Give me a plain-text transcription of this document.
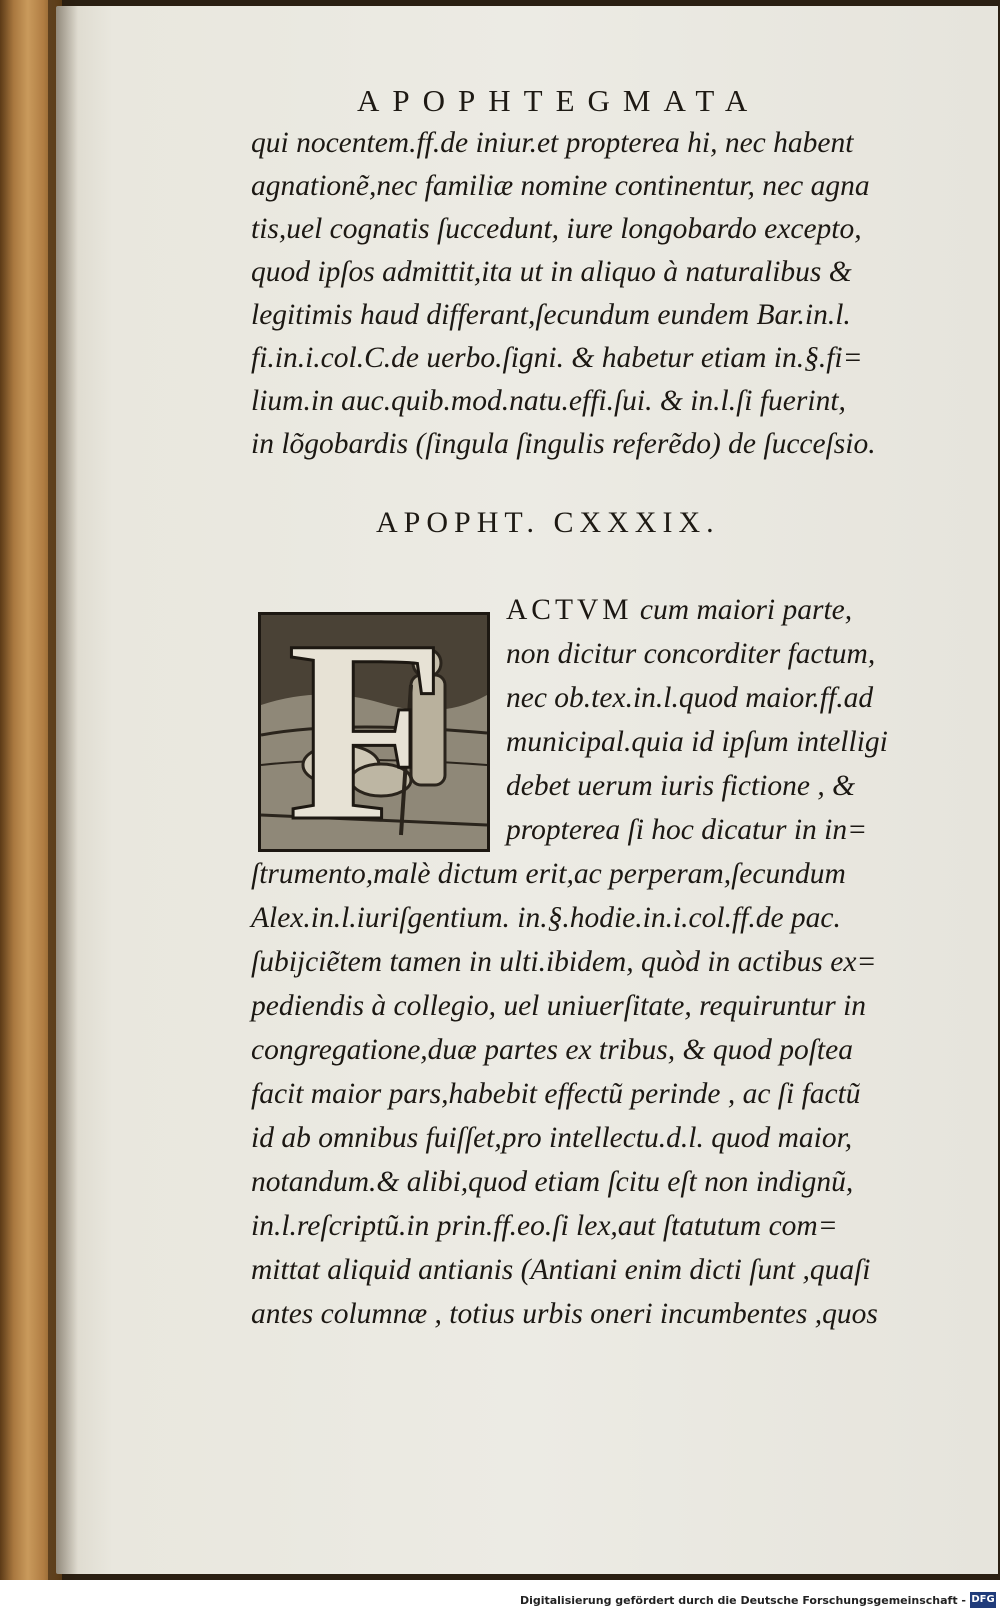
APOPHTEGMATA
qui nocentem.ff.de iniur.et propterea hi, nec habent
agnationẽ,nec familiæ nomine continentur, nec agna
tis,uel cognatis ſuccedunt, iure longobardo excepto,
quod ipſos admittit,ita ut in aliquo à naturalibus &
legitimis haud differant,ſecundum eundem Bar.in.l.
fi.in.i.col.C.de uerbo.ſigni. & habetur etiam in.§.fi=
lium.in auc.quib.mod.natu.effi.ſui. & in.l.ſi fuerint,
in lõgobardis (ſingula ſingulis referẽdo) de ſucceſsio.
APOPHT. CXXXIX.
F ACTVM cum maiori parte,
non dicitur concorditer factum,
nec ob.tex.in.l.quod maior.ff.ad
municipal.quia id ipſum intelligi
debet uerum iuris fictione , &
propterea ſi hoc dicatur in in=
ſtrumento,malè dictum erit,ac perperam,ſecundum
Alex.in.l.iuriſgentium. in.§.hodie.in.i.col.ff.de pac.
ſubijciẽtem tamen in ulti.ibidem, quòd in actibus ex=
pediendis à collegio, uel uniuerſitate, requiruntur in
congregatione,duæ partes ex tribus, & quod poſtea
facit maior pars,habebit effectũ perinde , ac ſi factũ
id ab omnibus fuiſſet,pro intellectu.d.l. quod maior,
notandum.& alibi,quod etiam ſcitu eſt non indignũ,
in.l.reſcriptũ.in prin.ff.eo.ſi lex,aut ſtatutum com=
mittat aliquid antianis (Antiani enim dicti ſunt ,quaſi
antes columnæ , totius urbis oneri incumbentes ,quos
Digitalisierung gefördert durch die Deutsche Forschungsgemeinschaft - DFG
